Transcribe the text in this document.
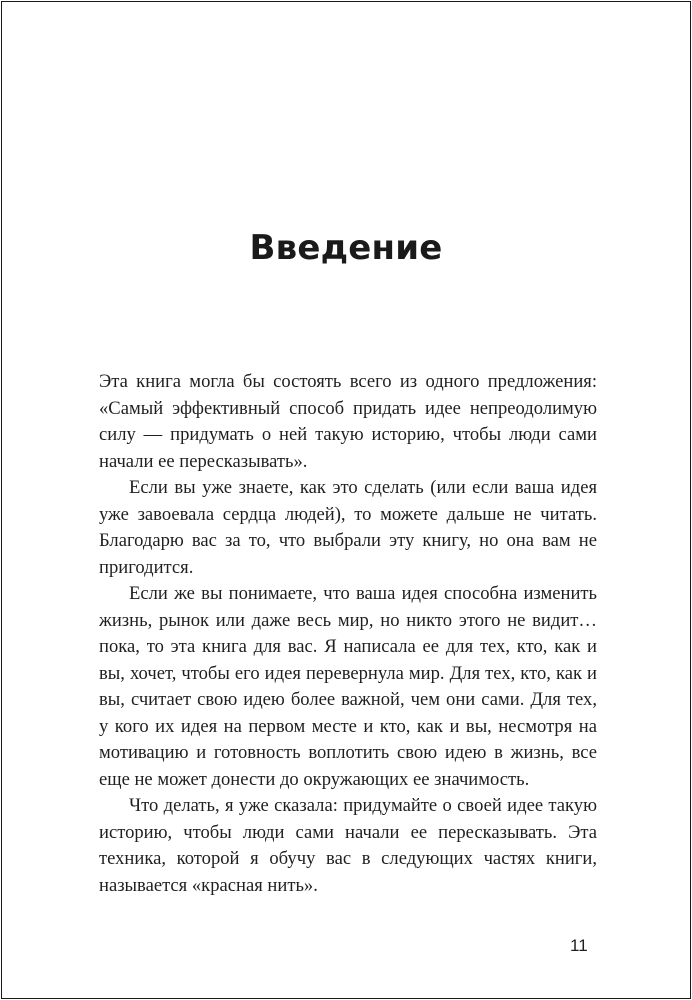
Введение

Эта книга могла бы состоять всего из одного предложения: «Самый эффективный способ придать идее непреодолимую силу — придумать о ней такую историю, чтобы люди сами начали ее пересказывать».

Если вы уже знаете, как это сделать (или если ваша идея уже завоевала сердца людей), то можете дальше не читать. Благодарю вас за то, что выбрали эту книгу, но она вам не пригодится.

Если же вы понимаете, что ваша идея способна изменить жизнь, рынок или даже весь мир, но никто этого не видит… пока, то эта книга для вас. Я написала ее для тех, кто, как и вы, хочет, чтобы его идея перевернула мир. Для тех, кто, как и вы, считает свою идею более важной, чем они сами. Для тех, у кого их идея на первом месте и кто, как и вы, несмотря на мотивацию и готовность воплотить свою идею в жизнь, все еще не может донести до окружающих ее значимость.

Что делать, я уже сказала: придумайте о своей идее такую историю, чтобы люди сами начали ее пересказывать. Эта техника, которой я обучу вас в следующих частях книги, называется «красная нить».

11
